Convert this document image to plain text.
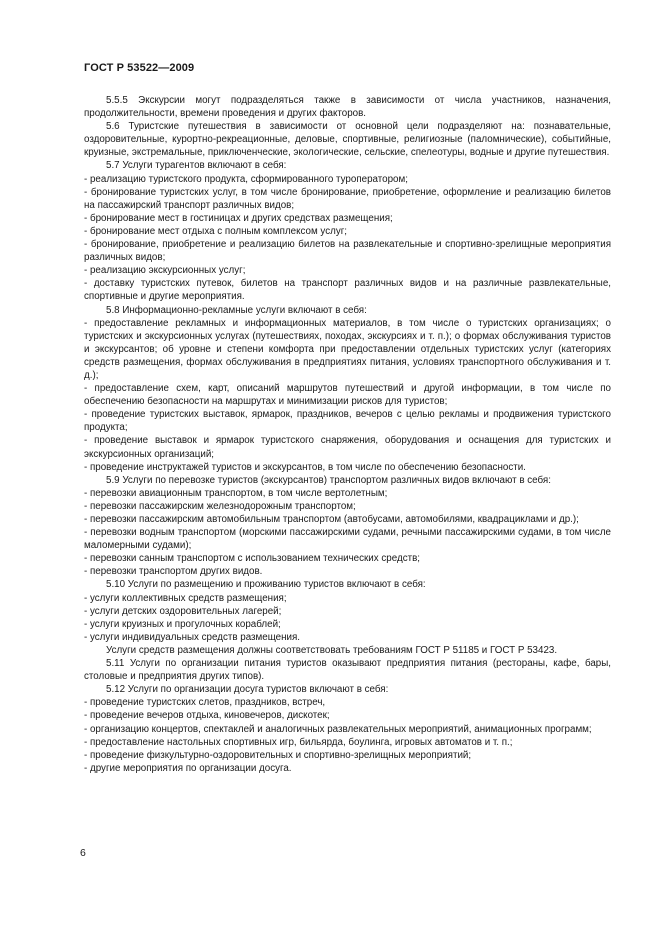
ГОСТ Р 53522—2009

5.5.5 Экскурсии могут подразделяться также в зависимости от числа участников, назначения, продолжительности, времени проведения и других факторов.

5.6 Туристские путешествия в зависимости от основной цели подразделяют на: познавательные, оздоровительные, курортно-рекреационные, деловые, спортивные, религиозные (паломнические), событийные, круизные, экстремальные, приключенческие, экологические, сельские, спелеотуры, водные и другие путешествия.

5.7 Услуги турагентов включают в себя:

- реализацию туристского продукта, сформированного туроператором;

- бронирование туристских услуг, в том числе бронирование, приобретение, оформление и реализацию билетов на пассажирский транспорт различных видов;

- бронирование мест в гостиницах и других средствах размещения;

- бронирование мест отдыха с полным комплексом услуг;

- бронирование, приобретение и реализацию билетов на развлекательные и спортивно-зрелищные мероприятия различных видов;

- реализацию экскурсионных услуг;

- доставку туристских путевок, билетов на транспорт различных видов и на различные развлекательные, спортивные и другие мероприятия.

5.8 Информационно-рекламные услуги включают в себя:

- предоставление рекламных и информационных материалов, в том числе о туристских организациях; о туристских и экскурсионных услугах (путешествиях, походах, экскурсиях и т. п.); о формах обслуживания туристов и экскурсантов; об уровне и степени комфорта при предоставлении отдельных туристских услуг (категориях средств размещения, формах обслуживания в предприятиях питания, условиях транспортного обслуживания и т. д.);

- предоставление схем, карт, описаний маршрутов путешествий и другой информации, в том числе по обеспечению безопасности на маршрутах и минимизации рисков для туристов;

- проведение туристских выставок, ярмарок, праздников, вечеров с целью рекламы и продвижения туристского продукта;

- проведение выставок и ярмарок туристского снаряжения, оборудования и оснащения для туристских и экскурсионных организаций;

- проведение инструктажей туристов и экскурсантов, в том числе по обеспечению безопасности.

5.9 Услуги по перевозке туристов (экскурсантов) транспортом различных видов включают в себя:

- перевозки авиационным транспортом, в том числе вертолетным;

- перевозки пассажирским железнодорожным транспортом;

- перевозки пассажирским автомобильным транспортом (автобусами, автомобилями, квадрациклами и др.);

- перевозки водным транспортом (морскими пассажирскими судами, речными пассажирскими судами, в том числе маломерными судами);

- перевозки санным транспортом с использованием технических средств;

- перевозки транспортом других видов.

5.10 Услуги по размещению и проживанию туристов включают в себя:

- услуги коллективных средств размещения;

- услуги детских оздоровительных лагерей;

- услуги круизных и прогулочных кораблей;

- услуги индивидуальных средств размещения.

Услуги средств размещения должны соответствовать требованиям ГОСТ Р 51185 и ГОСТ Р 53423.

5.11 Услуги по организации питания туристов оказывают предприятия питания (рестораны, кафе, бары, столовые и предприятия других типов).

5.12 Услуги по организации досуга туристов включают в себя:

- проведение туристских слетов, праздников, встреч,

- проведение вечеров отдыха, киновечеров, дискотек;

- организацию концертов, спектаклей и аналогичных развлекательных мероприятий, анимационных программ;

- предоставление настольных спортивных игр, бильярда, боулинга, игровых автоматов и т. п.;

- проведение физкультурно-оздоровительных и спортивно-зрелищных мероприятий;

- другие мероприятия по организации досуга.

6
